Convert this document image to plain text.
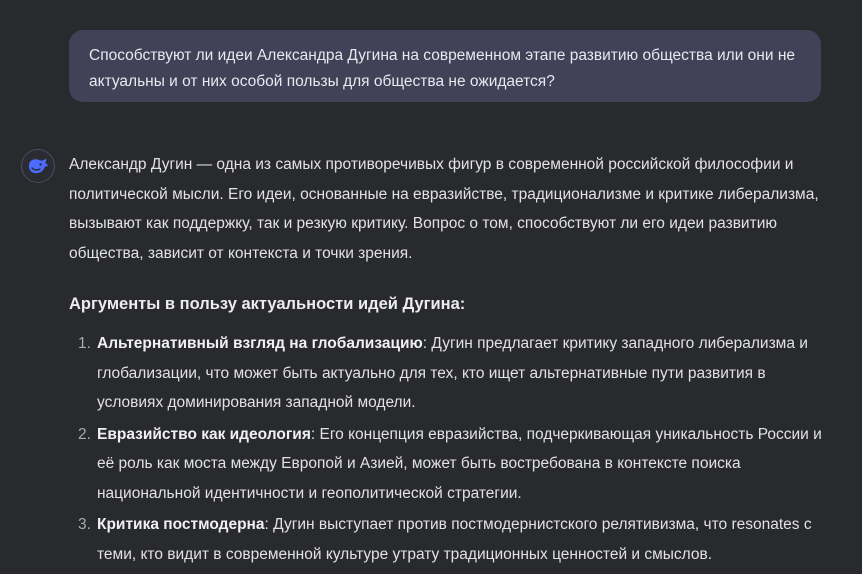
Способствуют ли идеи Александра Дугина на современном этапе развитию общества или они не актуальны и от них особой пользы для общества не ожидается?

Александр Дугин — одна из самых противоречивых фигур в современной российской философии и политической мысли. Его идеи, основанные на евразийстве, традиционализме и критике либерализма, вызывают как поддержку, так и резкую критику. Вопрос о том, способствуют ли его идеи развитию общества, зависит от контекста и точки зрения.

Аргументы в пользу актуальности идей Дугина:
1. Альтернативный взгляд на глобализацию: Дугин предлагает критику западного либерализма и глобализации, что может быть актуально для тех, кто ищет альтернативные пути развития в условиях доминирования западной модели.
2. Евразийство как идеология: Его концепция евразийства, подчеркивающая уникальность России и её роль как моста между Европой и Азией, может быть востребована в контексте поиска национальной идентичности и геополитической стратегии.
3. Критика постмодерна: Дугин выступает против постмодернистского релятивизма, что resonates с теми, кто видит в современной культуре утрату традиционных ценностей и смыслов.
